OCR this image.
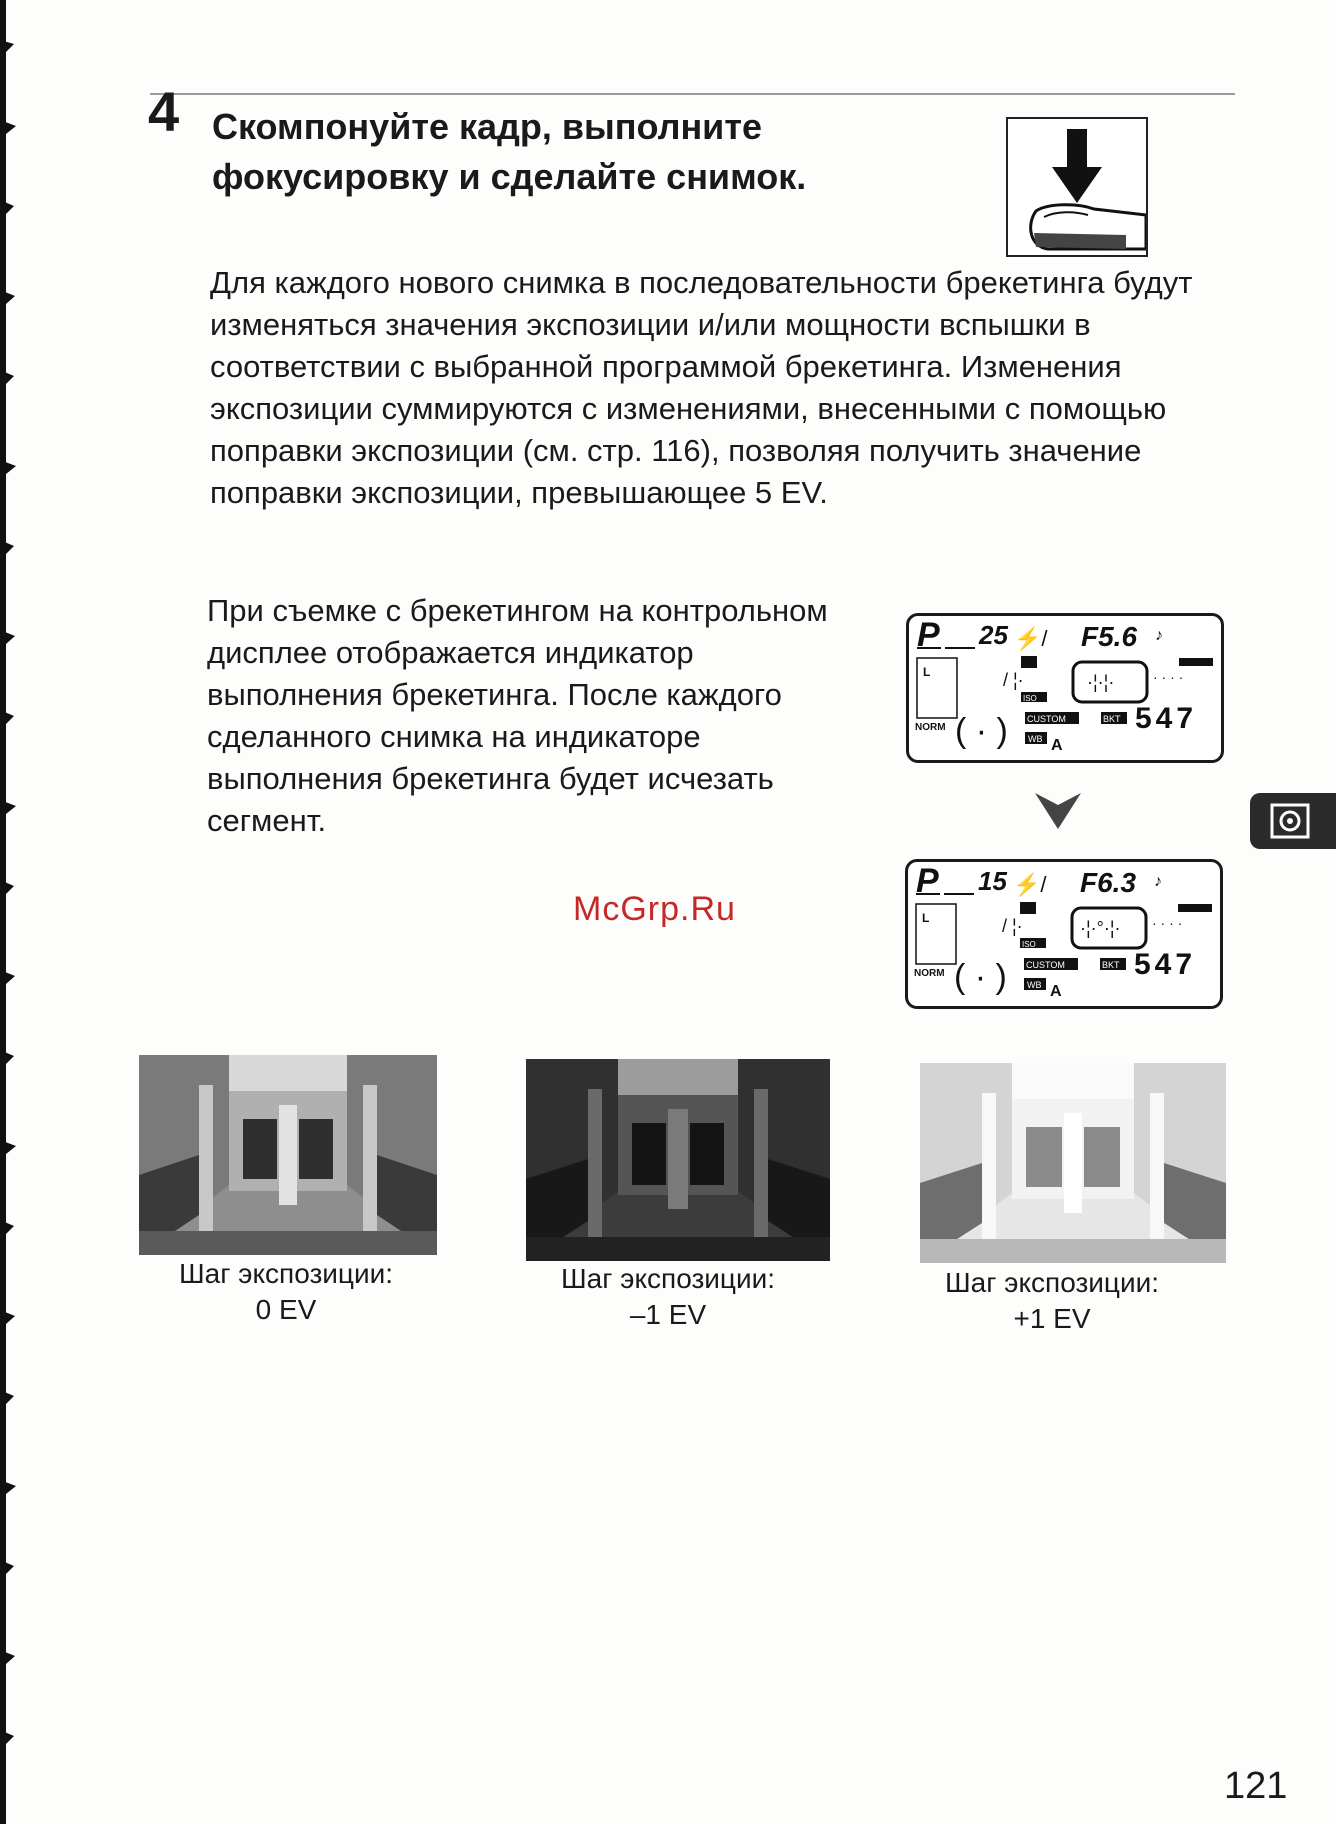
4 Скомпонуйте кадр, выполните
фокусировку и сделайте снимок.

Для каждого нового снимка в последовательности брекетинга будут изменяться значения экспозиции и/или мощности вспышки в соответствии с выбранной программой брекетинга. Изменения экспозиции суммируются с изменениями, внесенными с помощью поправки экспозиции (см. стр. 116), позволяя получить значение поправки экспозиции, превышающее 5 EV.

При съемке с брекетингом на контрольном дисплее отображается индикатор выполнения брекетинга. После каждого сделанного снимка на индикаторе выполнения брекетинга будет исчезать сегмент.

P 25 ⚡/ F5.6 ♪
L	/ ¦·
ISO
·¦·¦·	· · · ·
NORM ( · ) CUSTOM
WB A
BKT 547
P 15 ⚡/ F6.3 ♪
L	/ ¦·
ISO
·¦·°·¦· · · · ·
NORM ( · ) CUSTOM
WB A
BKT 547
McGrp.Ru
Шаг экспозиции:
0 EV
Шаг экспозиции:
–1 EV
Шаг экспозиции:
+1 EV
121
